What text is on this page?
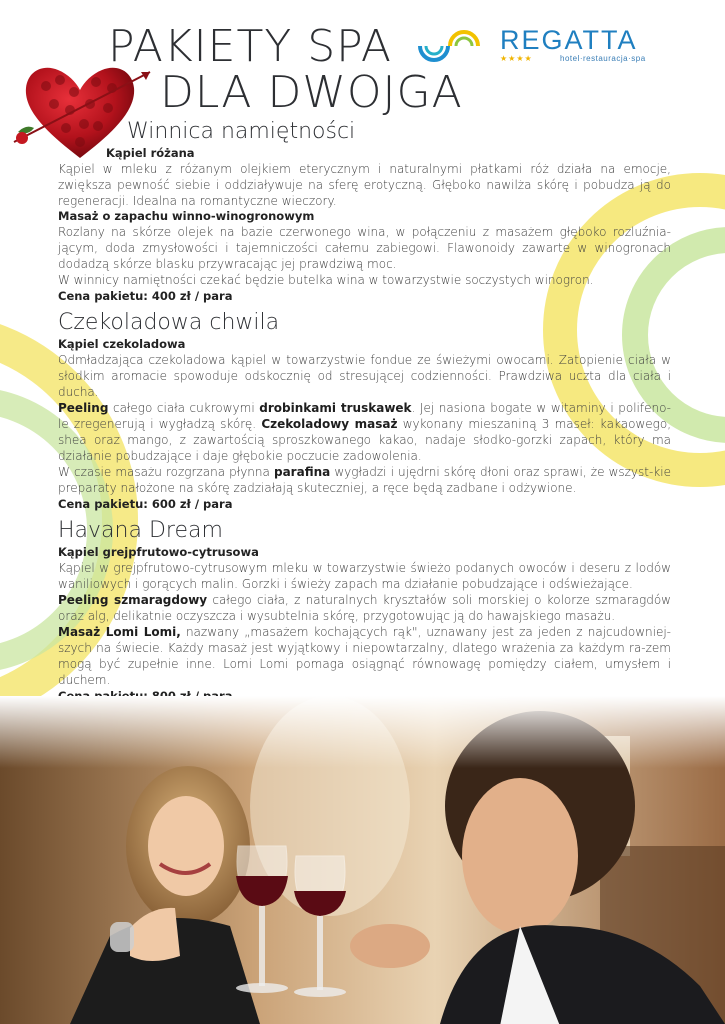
PAKIETY SPA
DLA DWOJGA
REGATTA
★★★★	hotel·restauracja·spa
Winnica namiętności

Kąpiel różana

Kąpiel w mleku z różanym olejkiem eterycznym i naturalnymi płatkami róż działa na emocje, zwiększa pewność siebie i oddziaływuje na sferę erotyczną. Głęboko nawilża skórę i pobudza ją do regeneracji. Idealna na romantyczne wieczory.

Masaż o zapachu winno-winogronowym

Rozlany na skórze olejek na bazie czerwonego wina, w połączeniu z masażem głęboko rozluźnia-jącym, doda zmysłowości i tajemniczości całemu zabiegowi. Flawonoidy zawarte w winogronach dodadzą skórze blasku przywracając jej prawdziwą moc.

W winnicy namiętności czekać będzie butelka wina w towarzystwie soczystych winogron.

Cena pakietu: 400 zł / para

Czekoladowa chwila

Kąpiel czekoladowa

Odmładzająca czekoladowa kąpiel w towarzystwie fondue ze świeżymi owocami. Zatopienie ciała w słodkim aromacie spowoduje odskocznię od stresującej codzienności. Prawdziwa uczta dla ciała i ducha.

Peeling całego ciała cukrowymi drobinkami truskawek. Jej nasiona bogate w witaminy i polifeno-le zregenerują i wygładzą skórę. Czekoladowy masaż wykonany mieszaniną 3 maseł: kakaowego, shea oraz mango, z zawartością sproszkowanego kakao, nadaje słodko-gorzki zapach, który ma działanie pobudzające i daje głębokie poczucie zadowolenia.

W czasie masażu rozgrzana płynna parafina wygładzi i ujędrni skórę dłoni oraz sprawi, że wszyst-kie preparaty nałożone na skórę zadziałają skuteczniej, a ręce będą zadbane i odżywione.

Cena pakietu: 600 zł / para

Havana Dream

Kąpiel grejpfrutowo-cytrusowa

Kąpiel w grejpfrutowo-cytrusowym mleku w towarzystwie świeżo podanych owoców i deseru z lodów waniliowych i gorących malin. Gorzki i świeży zapach ma działanie pobudzające i odświeżające.

Peeling szmaragdowy całego ciała, z naturalnych kryształów soli morskiej o kolorze szmaragdów oraz alg, delikatnie oczyszcza i wysubtelnia skórę, przygotowując ją do hawajskiego masażu.

Masaż Lomi Lomi, nazwany „masażem kochających rąk", uznawany jest za jeden z najcudowniej-szych na świecie. Każdy masaż jest wyjątkowy i niepowtarzalny, dlatego wrażenia za każdym ra-zem mogą być zupełnie inne. Lomi Lomi pomaga osiągnąć równowagę pomiędzy ciałem, umysłem i duchem.
